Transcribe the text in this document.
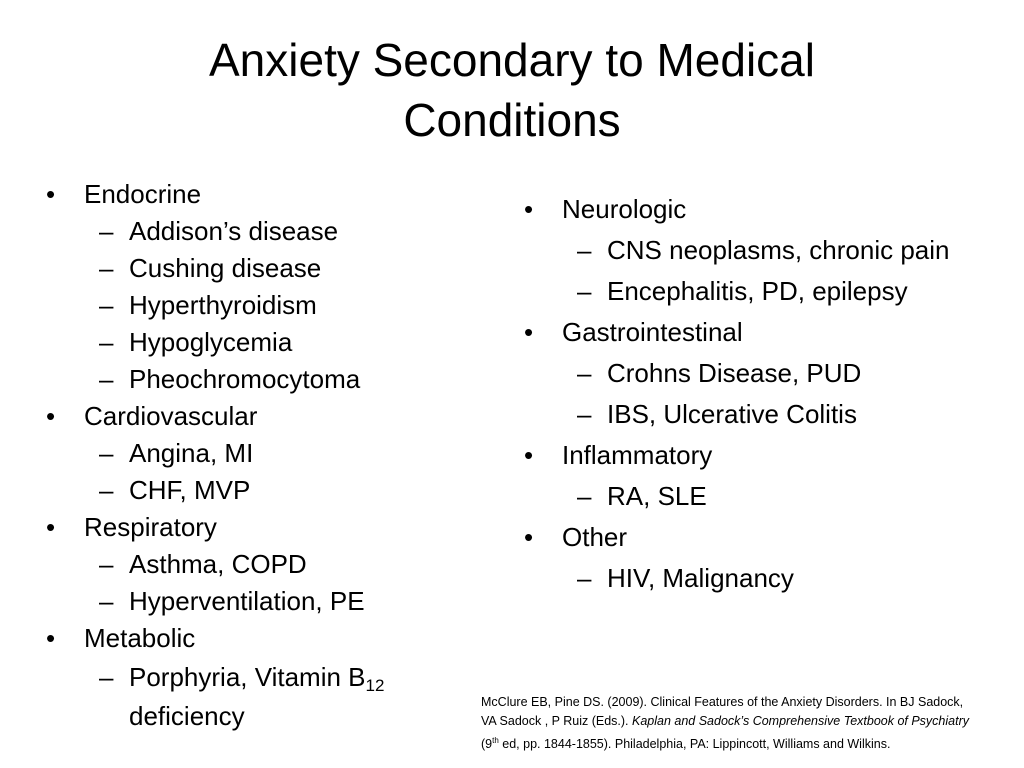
Anxiety Secondary to Medical
Conditions
• Endocrine
– Addison’s disease
– Cushing disease
– Hyperthyroidism
– Hypoglycemia
– Pheochromocytoma
• Cardiovascular
– Angina, MI
– CHF, MVP
• Respiratory
– Asthma, COPD
– Hyperventilation, PE
• Metabolic
– Porphyria, Vitamin $B_{12}$
deficiency
• Neurologic
– CNS neoplasms, chronic pain
– Encephalitis, PD, epilepsy
• Gastrointestinal
– Crohns Disease, PUD
– IBS, Ulcerative Colitis
• Inflammatory
– RA, SLE
• Other
– HIV, Malignancy
McClure EB, Pine DS. (2009). Clinical Features of the Anxiety Disorders. In BJ Sadock, VA Sadock , P Ruiz (Eds.). Kaplan and Sadock’s Comprehensive Textbook of Psychiatry (9th ed, pp. 1844-1855). Philadelphia, PA: Lippincott, Williams and Wilkins.
